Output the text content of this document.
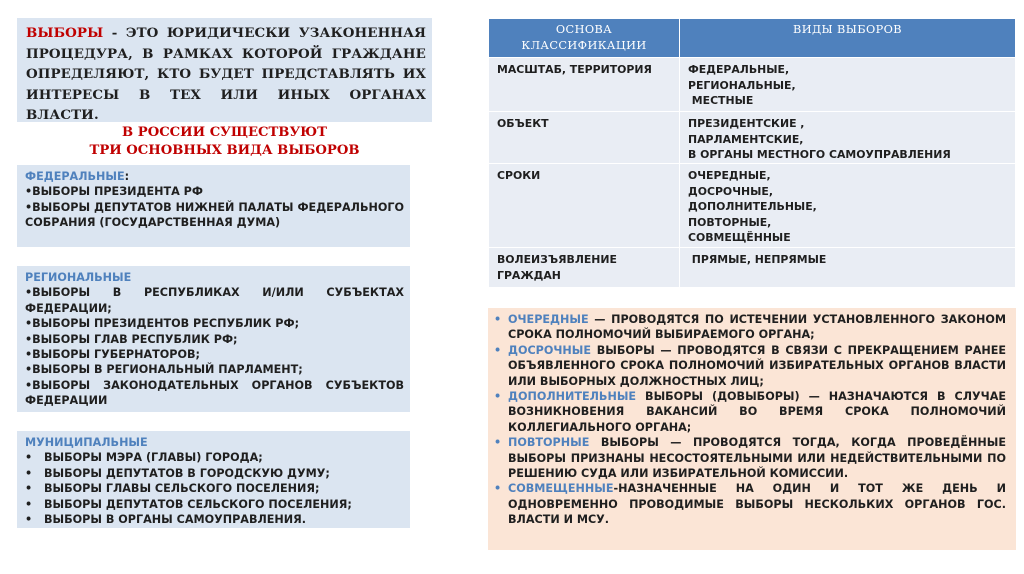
ВЫБОРЫ - ЭТО ЮРИДИЧЕСКИ УЗАКОНЕННАЯ ПРОЦЕДУРА, В РАМКАХ КОТОРОЙ ГРАЖДАНЕ ОПРЕДЕЛЯЮТ, КТО БУДЕТ ПРЕДСТАВЛЯТЬ ИХ ИНТЕРЕСЫ В ТЕХ ИЛИ ИНЫХ ОРГАНАХ ВЛАСТИ.
В РОССИИ СУЩЕСТВУЮТ
ТРИ ОСНОВНЫХ ВИДА ВЫБОРОВ
ФЕДЕРАЛЬНЫЕ:
•ВЫБОРЫ ПРЕЗИДЕНТА РФ
•ВЫБОРЫ ДЕПУТАТОВ НИЖНЕЙ ПАЛАТЫ ФЕДЕРАЛЬНОГО СОБРАНИЯ (ГОСУДАРСТВЕННАЯ ДУМА)
РЕГИОНАЛЬНЫЕ
•ВЫБОРЫ В РЕСПУБЛИКАХ И/ИЛИ СУБЪЕКТАХ ФЕДЕРАЦИИ;
•ВЫБОРЫ ПРЕЗИДЕНТОВ РЕСПУБЛИК РФ;
•ВЫБОРЫ ГЛАВ РЕСПУБЛИК РФ;
•ВЫБОРЫ ГУБЕРНАТОРОВ;
•ВЫБОРЫ В РЕГИОНАЛЬНЫЙ ПАРЛАМЕНТ;
•ВЫБОРЫ ЗАКОНОДАТЕЛЬНЫХ ОРГАНОВ СУБЪЕКТОВ ФЕДЕРАЦИИ
МУНИЦИПАЛЬНЫЕ
•	ВЫБОРЫ МЭРА (ГЛАВЫ) ГОРОДА;
•	ВЫБОРЫ ДЕПУТАТОВ В ГОРОДСКУЮ ДУМУ;
•	ВЫБОРЫ ГЛАВЫ СЕЛЬСКОГО ПОСЕЛЕНИЯ;
•	ВЫБОРЫ ДЕПУТАТОВ СЕЛЬСКОГО ПОСЕЛЕНИЯ;
•	ВЫБОРЫ В ОРГАНЫ САМОУПРАВЛЕНИЯ.
ОСНОВА
КЛАССИФИКАЦИИ	ВИДЫ ВЫБОРОВ
МАСШТАБ, ТЕРРИТОРИЯ	ФЕДЕРАЛЬНЫЕ,
РЕГИОНАЛЬНЫЕ,
МЕСТНЫЕ

ОБЪЕКТ	ПРЕЗИДЕНТСКИЕ ,
ПАРЛАМЕНТСКИЕ,
В ОРГАНЫ МЕСТНОГО САМОУПРАВЛЕНИЯ

СРОКИ	ОЧЕРЕДНЫЕ,
ДОСРОЧНЫЕ,
ДОПОЛНИТЕЛЬНЫЕ,
ПОВТОРНЫЕ,
СОВМЕЩЁННЫЕ

ВОЛЕИЗЪЯВЛЕНИЕ ГРАЖДАН	ПРЯМЫЕ, НЕПРЯМЫЕ
• ОЧЕРЕДНЫЕ — ПРОВОДЯТСЯ ПО ИСТЕЧЕНИИ УСТАНОВЛЕННОГО ЗАКОНОМ СРОКА ПОЛНОМОЧИЙ ВЫБИРАЕМОГО ОРГАНА;
• ДОСРОЧНЫЕ ВЫБОРЫ — ПРОВОДЯТСЯ В СВЯЗИ С ПРЕКРАЩЕНИЕМ РАНЕЕ ОБЪЯВЛЕННОГО СРОКА ПОЛНОМОЧИЙ ИЗБИРАТЕЛЬНЫХ ОРГАНОВ ВЛАСТИ ИЛИ ВЫБОРНЫХ ДОЛЖНОСТНЫХ ЛИЦ;
• ДОПОЛНИТЕЛЬНЫЕ ВЫБОРЫ (ДОВЫБОРЫ) — НАЗНАЧАЮТСЯ В СЛУЧАЕ ВОЗНИКНОВЕНИЯ ВАКАНСИЙ ВО ВРЕМЯ СРОКА ПОЛНОМОЧИЙ КОЛЛЕГИАЛЬНОГО ОРГАНА;
• ПОВТОРНЫЕ ВЫБОРЫ — ПРОВОДЯТСЯ ТОГДА, КОГДА ПРОВЕДЁННЫЕ ВЫБОРЫ ПРИЗНАНЫ НЕСОСТОЯТЕЛЬНЫМИ ИЛИ НЕДЕЙСТВИТЕЛЬНЫМИ ПО РЕШЕНИЮ СУДА ИЛИ ИЗБИРАТЕЛЬНОЙ КОМИССИИ.
• СОВМЕЩЕННЫЕ-НАЗНАЧЕННЫЕ НА ОДИН И ТОТ ЖЕ ДЕНЬ И ОДНОВРЕМЕННО ПРОВОДИМЫЕ ВЫБОРЫ НЕСКОЛЬКИХ ОРГАНОВ ГОС. ВЛАСТИ И МСУ.
